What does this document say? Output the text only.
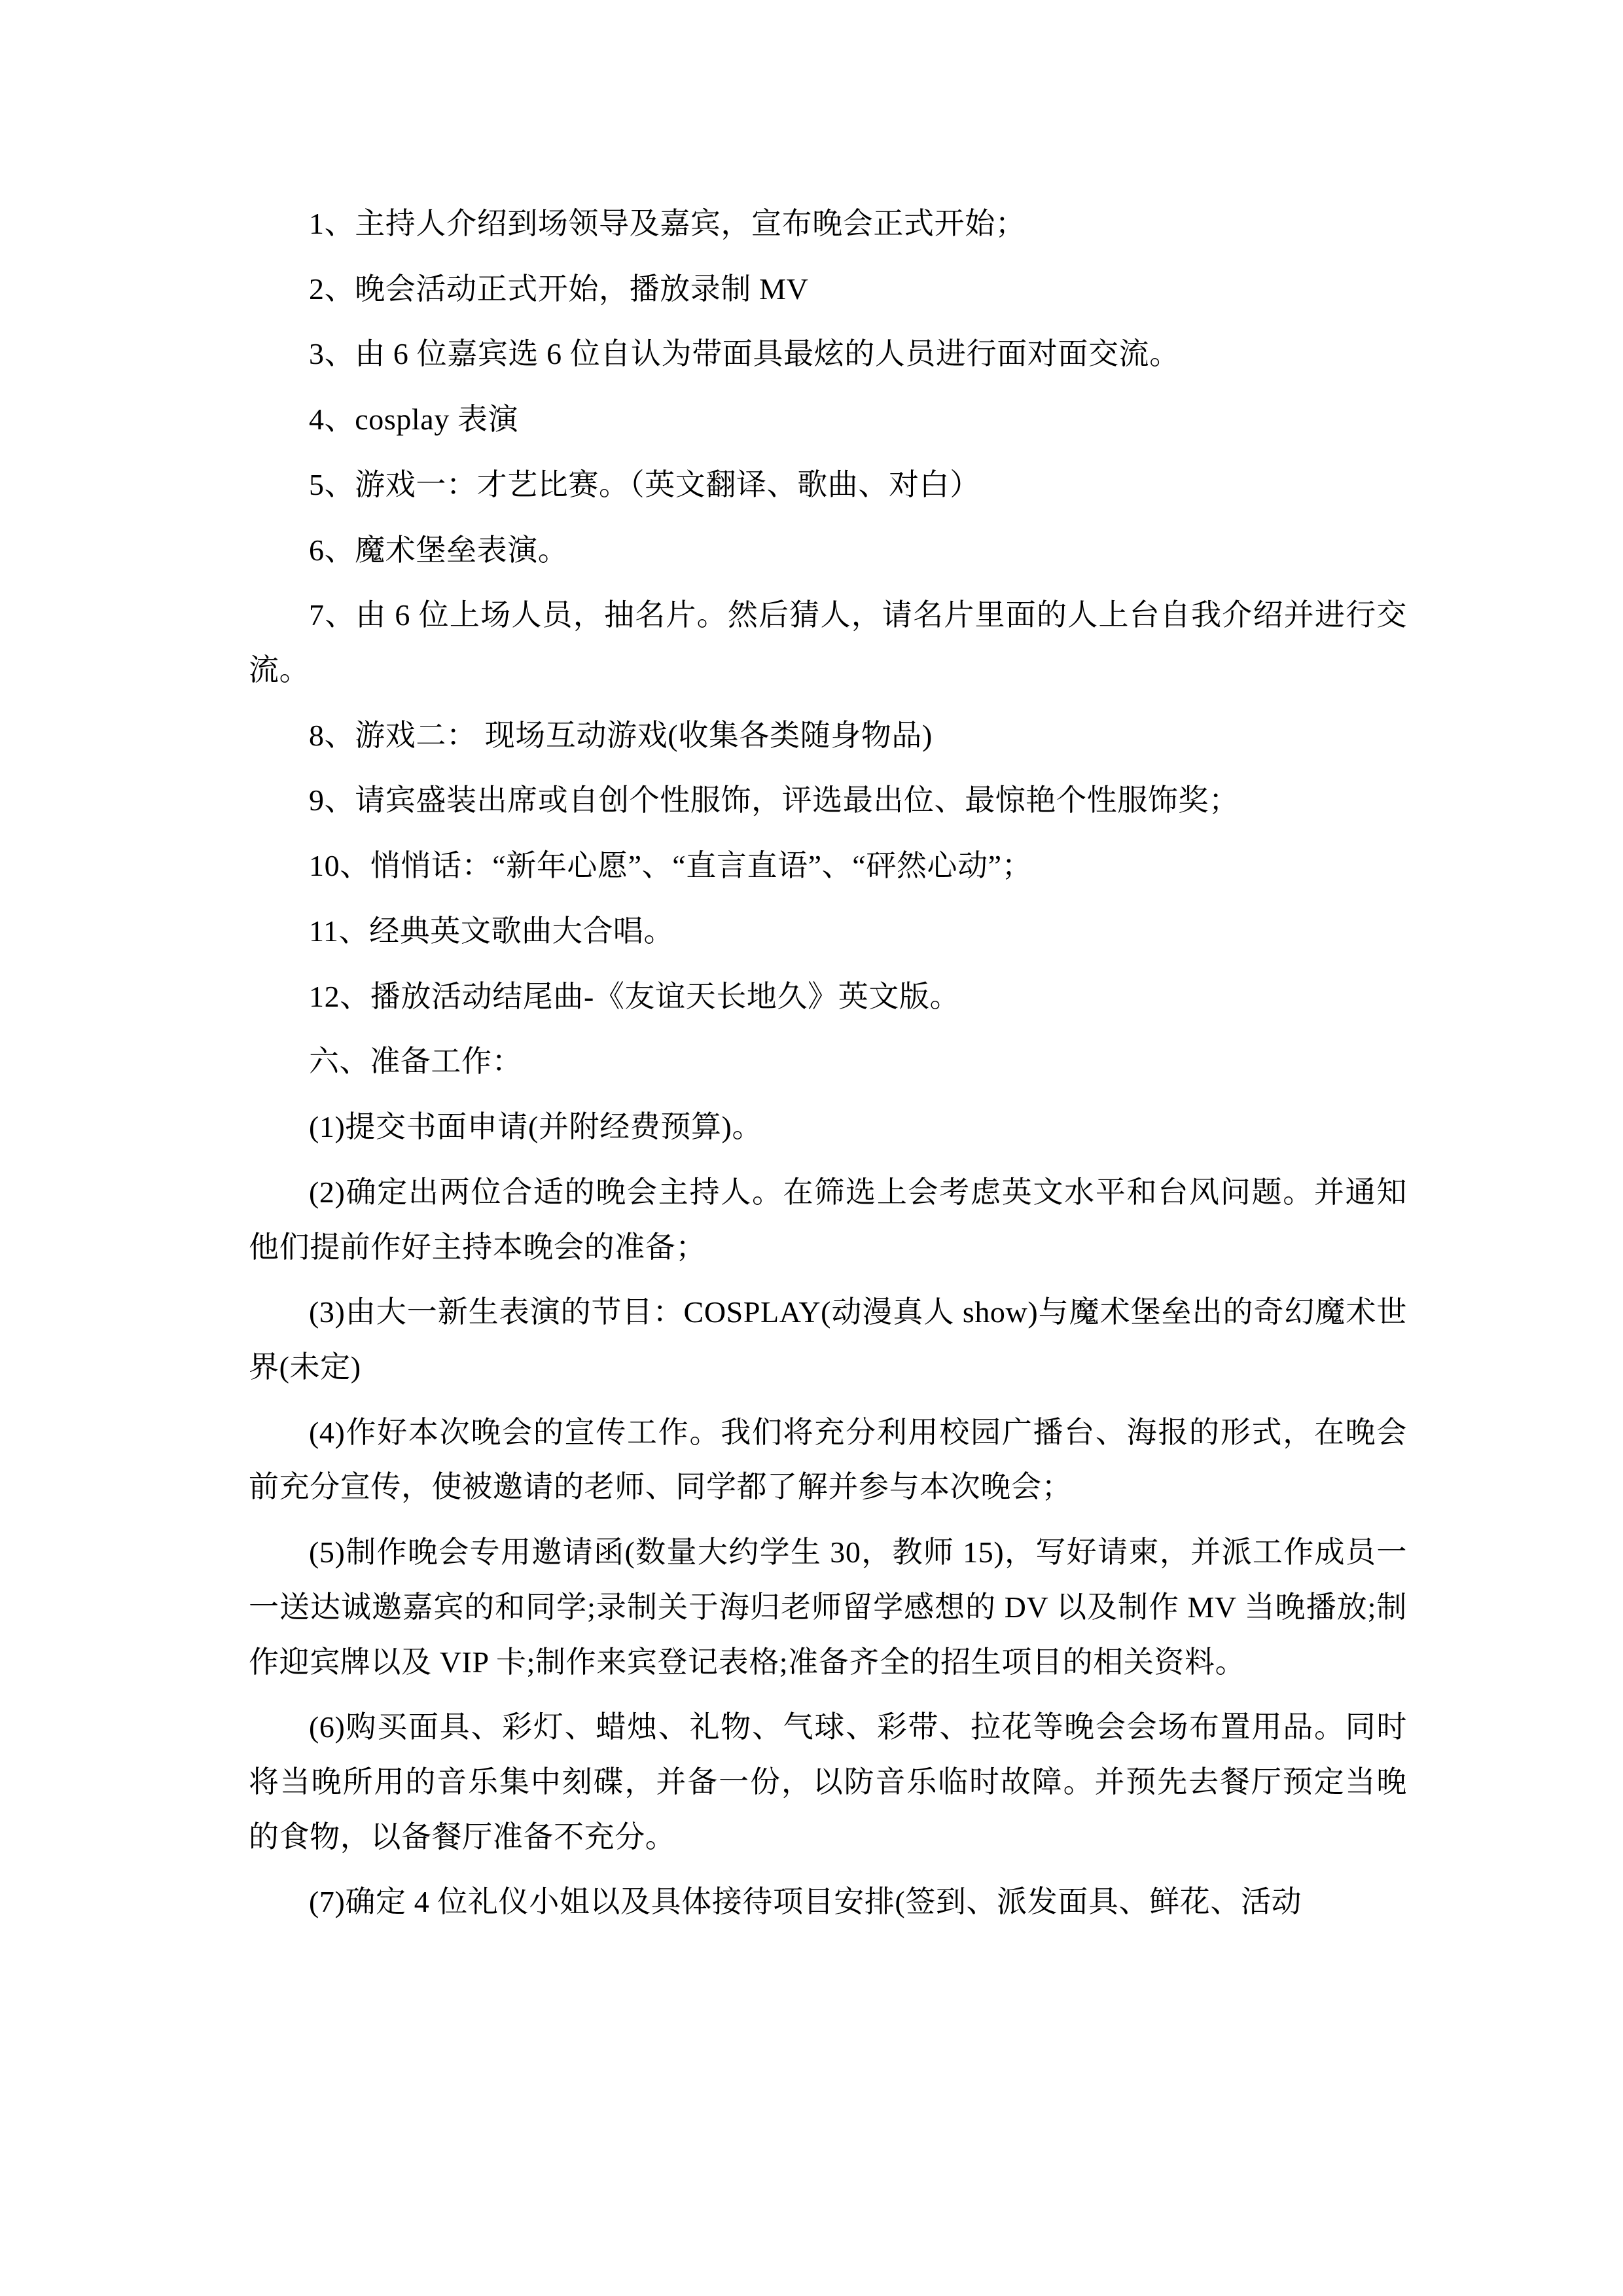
1、主持人介绍到场领导及嘉宾，宣布晚会正式开始；

2、晚会活动正式开始，播放录制 MV

3、由 6 位嘉宾选 6 位自认为带面具最炫的人员进行面对面交流。

4、cosplay 表演

5、游戏一：才艺比赛。（英文翻译、歌曲、对白）

6、魔术堡垒表演。

7、由 6 位上场人员，抽名片。然后猜人，请名片里面的人上台自我介绍并进行交流。

8、游戏二： 现场互动游戏(收集各类随身物品)

9、请宾盛装出席或自创个性服饰，评选最出位、最惊艳个性服饰奖；

10、悄悄话：“新年心愿”、“直言直语”、“砰然心动”；

11、经典英文歌曲大合唱。

12、播放活动结尾曲-《友谊天长地久》英文版。

六、准备工作：

(1)提交书面申请(并附经费预算)。

(2)确定出两位合适的晚会主持人。在筛选上会考虑英文水平和台风问题。并通知他们提前作好主持本晚会的准备；

(3)由大一新生表演的节目：COSPLAY(动漫真人 show)与魔术堡垒出的奇幻魔术世界(未定)

(4)作好本次晚会的宣传工作。我们将充分利用校园广播台、海报的形式，在晚会前充分宣传，使被邀请的老师、同学都了解并参与本次晚会；

(5)制作晚会专用邀请函(数量大约学生 30，教师 15)，写好请柬，并派工作成员一一送达诚邀嘉宾的和同学;录制关于海归老师留学感想的 DV 以及制作 MV 当晚播放;制作迎宾牌以及 VIP 卡;制作来宾登记表格;准备齐全的招生项目的相关资料。

(6)购买面具、彩灯、蜡烛、礼物、气球、彩带、拉花等晚会会场布置用品。同时将当晚所用的音乐集中刻碟，并备一份，以防音乐临时故障。并预先去餐厅预定当晚的食物，以备餐厅准备不充分。

(7)确定 4 位礼仪小姐以及具体接待项目安排(签到、派发面具、鲜花、活动
